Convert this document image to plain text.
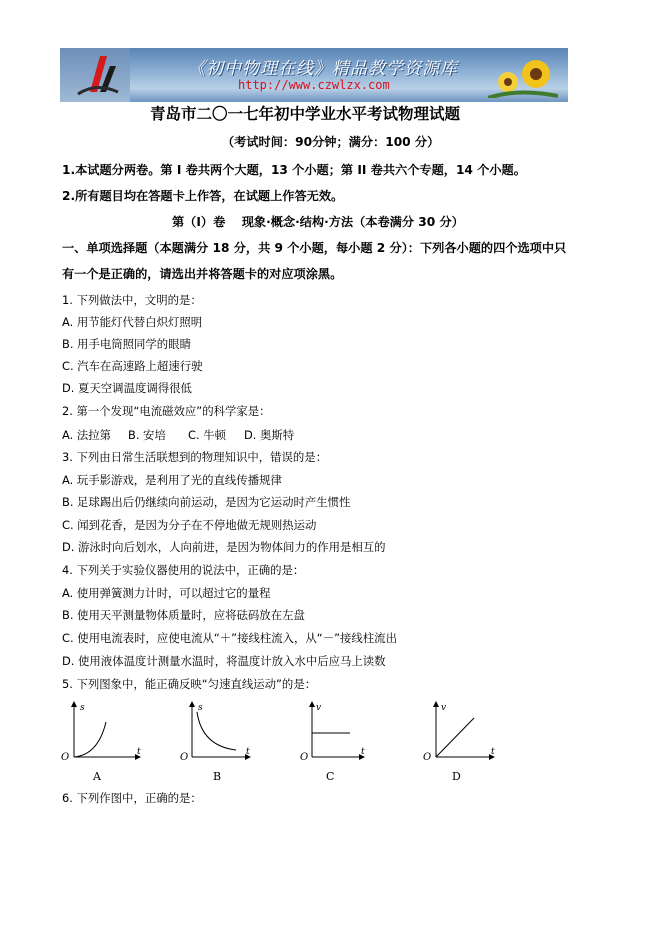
《初中物理在线》精品教学资源库
http://www.czwlzx.com
青岛市二〇一七年初中学业水平考试物理试题
（考试时间：90分钟；满分：100 分）
1.本试题分两卷。第 I 卷共两个大题，13 个小题；第 II 卷共六个专题，14 个小题。
2.所有题目均在答题卡上作答，在试题上作答无效。
第（I）卷　 现象·概念·结构·方法（本卷满分 30 分）
一、单项选择题（本题满分 18 分，共 9 个小题，每小题 2 分）：下列各小题的四个选项中只
有一个是正确的，请选出并将答题卡的对应项涂黑。
1. 下列做法中，文明的是：
A. 用节能灯代替白炽灯照明
B. 用手电筒照同学的眼睛
C. 汽车在高速路上超速行驶
D. 夏天空调温度调得很低
2. 第一个发现“电流磁效应”的科学家是：
A. 法拉第 B. 安培 C. 牛顿 D. 奥斯特
3. 下列由日常生活联想到的物理知识中，错误的是：
A. 玩手影游戏，是利用了光的直线传播规律
B. 足球踢出后仍继续向前运动，是因为它运动时产生惯性
C. 闻到花香，是因为分子在不停地做无规则热运动
D. 游泳时向后划水，人向前进，是因为物体间力的作用是相互的
4. 下列关于实验仪器使用的说法中，正确的是：
A. 使用弹簧测力计时，可以超过它的量程
B. 使用天平测量物体质量时，应将砝码放在左盘
C. 使用电流表时，应使电流从“＋”接线柱流入，从“－”接线柱流出
D. 使用液体温度计测量水温时，将温度计放入水中后应马上读数
5. 下列图象中，能正确反映“匀速直线运动”的是：
s
t
O
A
s
t
O
B
v
t
O
C
v
t
O
D
6. 下列作图中，正确的是：
